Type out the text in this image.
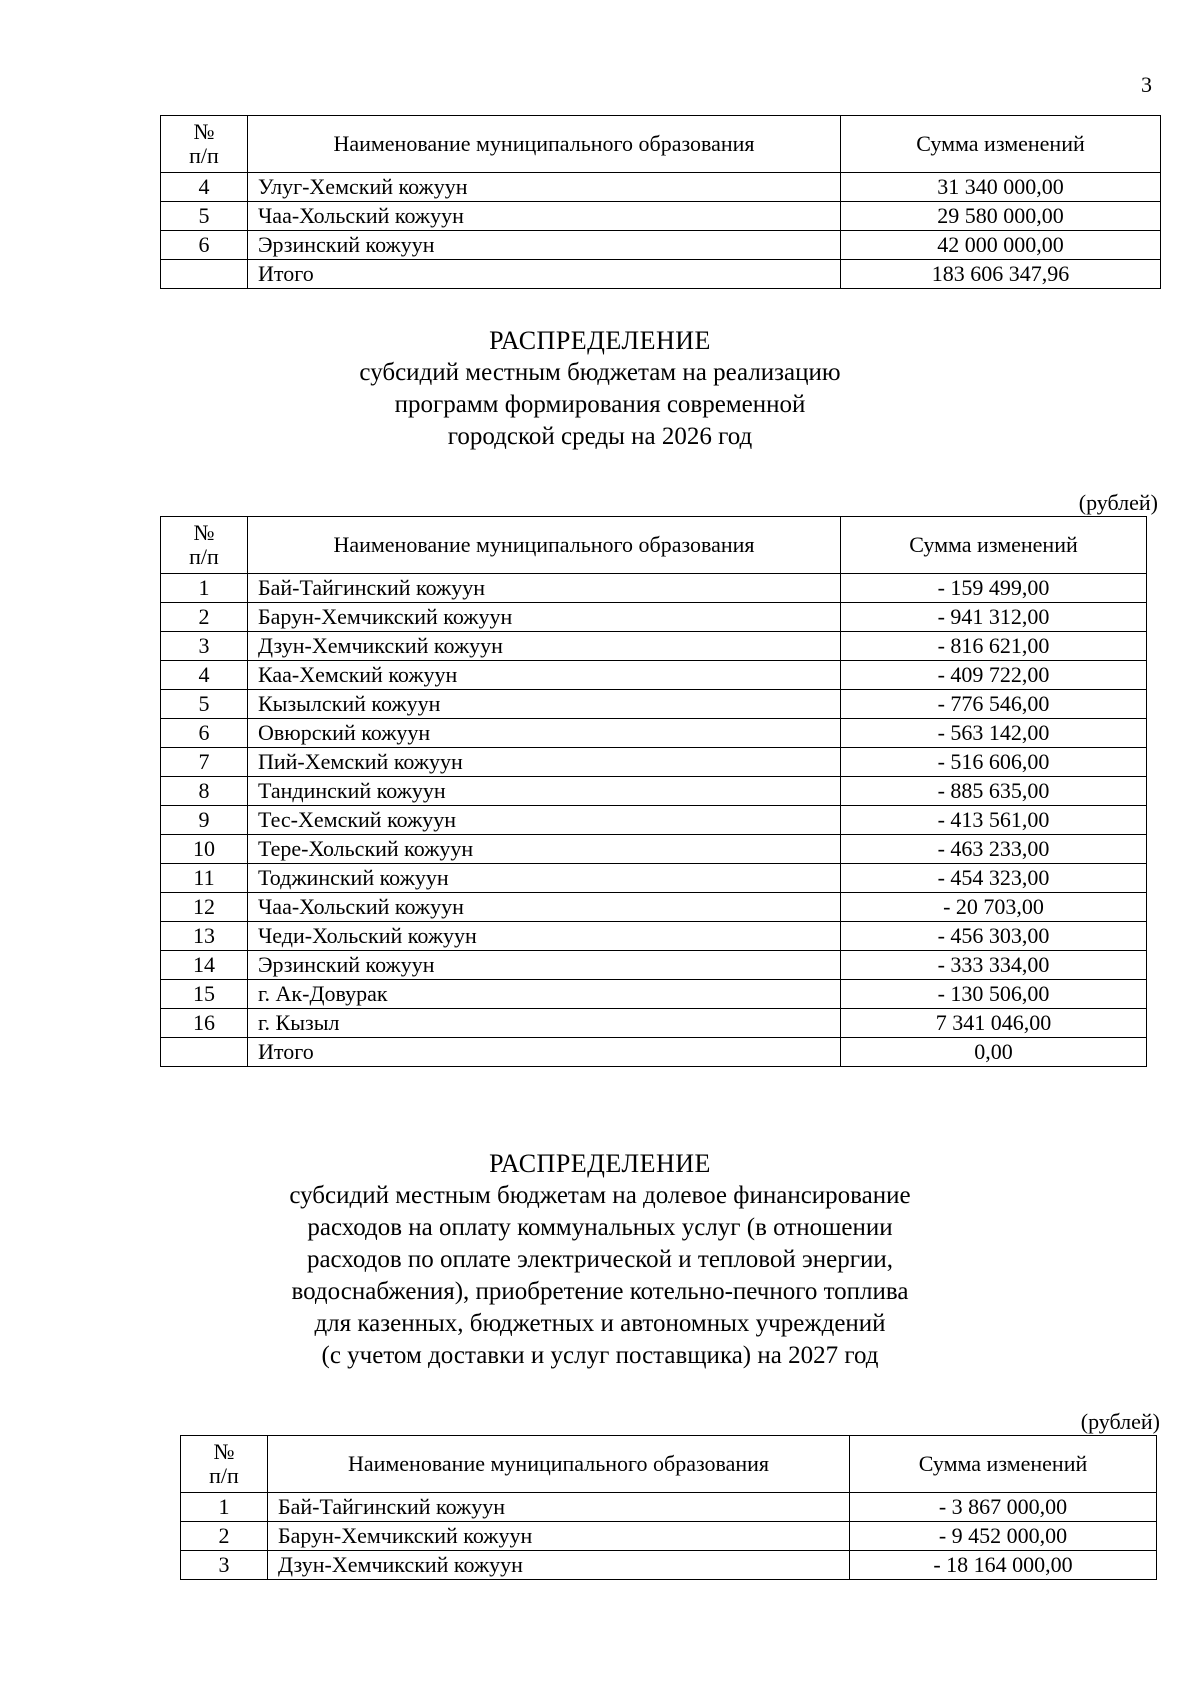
3
№
п/п	Наименование муниципального образования	Сумма изменений
4	Улуг-Хемский кожуун	31 340 000,00
5	Чаа-Хольский кожуун	29 580 000,00
6	Эрзинский кожуун	42 000 000,00
	Итого	183 606 347,96
РАСПРЕДЕЛЕНИЕ
субсидий местным бюджетам на реализацию
программ формирования современной
городской среды на 2026 год
(рублей)
№
п/п	Наименование муниципального образования	Сумма изменений
1	Бай-Тайгинский кожуун	- 159 499,00
2	Барун-Хемчикский кожуун	- 941 312,00
3	Дзун-Хемчикский кожуун	- 816 621,00
4	Каа-Хемский кожуун	- 409 722,00
5	Кызылский кожуун	- 776 546,00
6	Овюрский кожуун	- 563 142,00
7	Пий-Хемский кожуун	- 516 606,00
8	Тандинский кожуун	- 885 635,00
9	Тес-Хемский кожуун	- 413 561,00
10	Тере-Хольский кожуун	- 463 233,00
11	Тоджинский кожуун	- 454 323,00
12	Чаа-Хольский кожуун	- 20 703,00
13	Чеди-Хольский кожуун	- 456 303,00
14	Эрзинский кожуун	- 333 334,00
15	г. Ак-Довурак	- 130 506,00
16	г. Кызыл	7 341 046,00
	Итого	0,00
РАСПРЕДЕЛЕНИЕ
субсидий местным бюджетам на долевое финансирование
расходов на оплату коммунальных услуг (в отношении
расходов по оплате электрической и тепловой энергии,
водоснабжения), приобретение котельно-печного топлива
для казенных, бюджетных и автономных учреждений
(с учетом доставки и услуг поставщика) на 2027 год
(рублей)
№
п/п	Наименование муниципального образования	Сумма изменений
1	Бай-Тайгинский кожуун	- 3 867 000,00
2	Барун-Хемчикский кожуун	- 9 452 000,00
3	Дзун-Хемчикский кожуун	- 18 164 000,00
